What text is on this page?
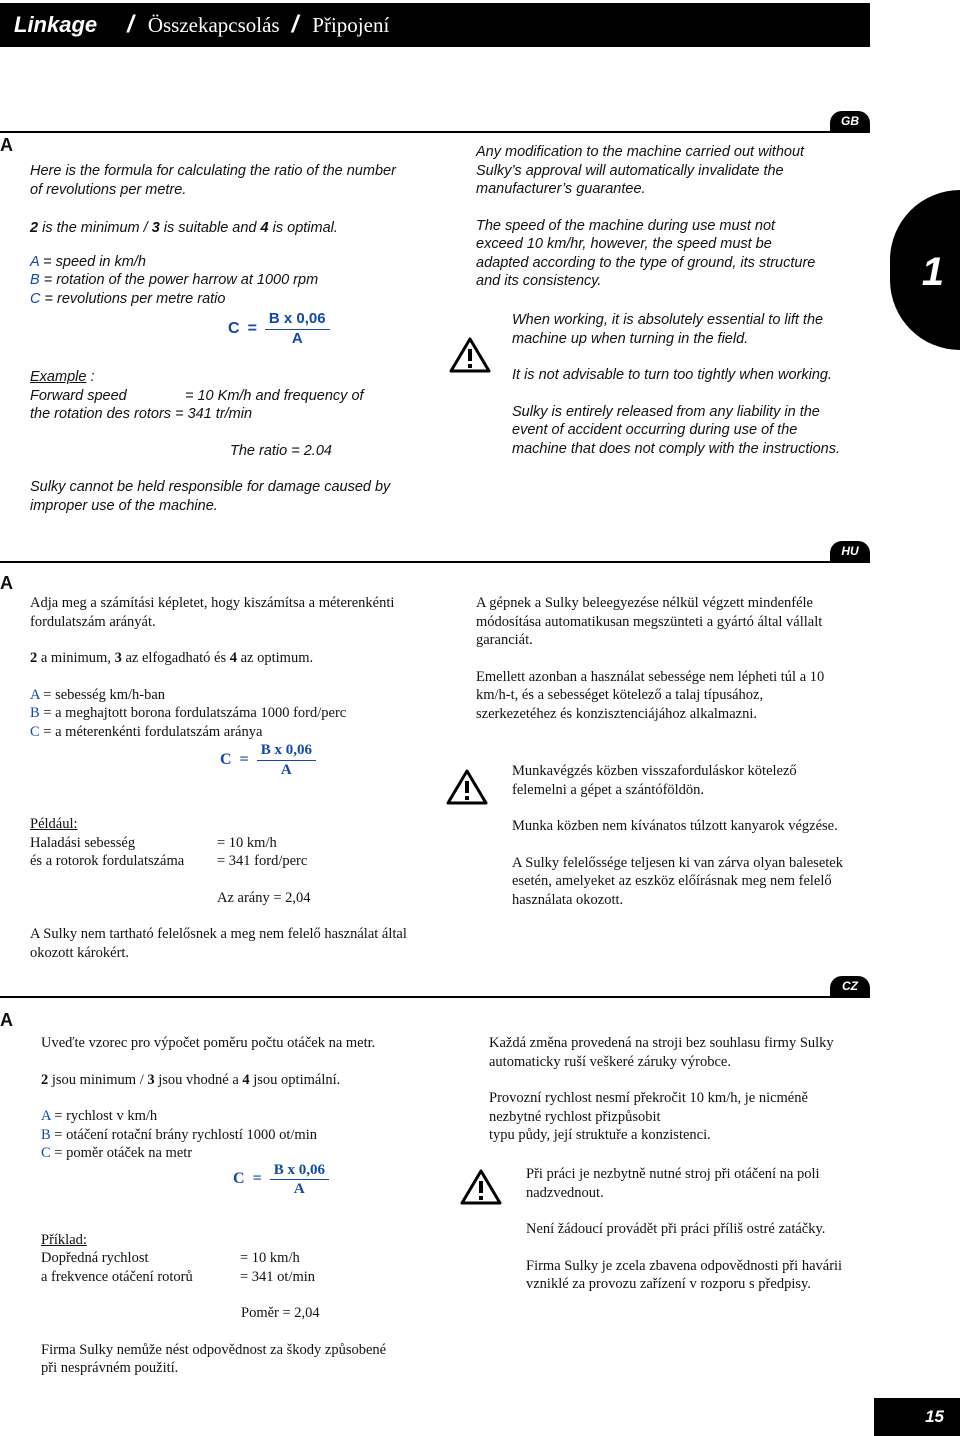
Linkage / Összekapcsolás / Připojení
1
GB
A

Here is the formula for calculating the ratio of the number of revolutions per metre.

2 is the minimum / 3 is suitable and 4 is optimal.

A = speed in km/h
B = rotation of the power harrow at 1000 rpm
C = revolutions per metre ratio
$C = \frac{\text{B x 0,06}}{A}$

Example :

Forward speed	= 10 Km/h and frequency of
the rotation des rotors = 341 tr/min

The ratio = 2.04

Sulky cannot be held responsible for damage caused by improper use of the machine.

Any modification to the machine carried out without Sulky’s approval will automatically invalidate the manufacturer’s guarantee.

The speed of the machine during use must not exceed 10 km/hr, however, the speed must be adapted according to the type of ground, its structure and its consistency.

When working, it is absolutely essential to lift the machine up when turning in the field.

It is not advisable to turn too tightly when working.

Sulky is entirely released from any liability in the event of accident occurring during use of the machine that does not comply with the instructions.

HU
A

Adja meg a számítási képletet, hogy kiszámítsa a méterenkénti fordulatszám arányát.

2 a minimum, 3 az elfogadható és 4 az optimum.

A = sebesség km/h-ban
B = a meghajtott borona fordulatszáma 1000 ford/perc
C = a méterenkénti fordulatszám aránya
$C = \frac{\text{B x 0,06}}{A}$

Például:

Haladási sebesség	= 10 km/h
és a rotorok fordulatszáma	= 341 ford/perc

Az arány = 2,04

A Sulky nem tartható felelősnek a meg nem felelő használat által okozott károkért.

A gépnek a Sulky beleegyezése nélkül végzett mindenféle módosítása automatikusan megszünteti a gyártó által vállalt garanciát.

Emellett azonban a használat sebessége nem lépheti túl a 10 km/h-t, és a sebességet kötelező a talaj típusához, szerkezetéhez és konzisztenciájához alkalmazni.

Munkavégzés közben visszaforduláskor kötelező felemelni a gépet a szántóföldön.

Munka közben nem kívánatos túlzott kanyarok végzése.

A Sulky felelőssége teljesen ki van zárva olyan balesetek esetén, amelyeket az eszköz előírásnak meg nem felelő használata okozott.

CZ
A

Uveďte vzorec pro výpočet poměru počtu otáček na metr.

2 jsou minimum / 3 jsou vhodné a 4 jsou optimální.

A = rychlost v km/h
B = otáčení rotační brány rychlostí 1000 ot/min
C = poměr otáček na metr
$C = \frac{\text{B x 0,06}}{A}$

Příklad:

Dopředná rychlost	= 10 km/h
a frekvence otáčení rotorů	= 341 ot/min

Poměr = 2,04

Firma Sulky nemůže nést odpovědnost za škody způsobené při nesprávném použití.

Každá změna provedená na stroji bez souhlasu firmy Sulky automaticky ruší veškeré záruky výrobce.

Provozní rychlost nesmí překročit 10 km/h, je nicméně nezbytné rychlost přizpůsobit

typu půdy, její struktuře a konzistenci.

Při práci je nezbytně nutné stroj při otáčení na poli nadzvednout.

Není žádoucí provádět při práci příliš ostré zatáčky.

Firma Sulky je zcela zbavena odpovědnosti při havárii vzniklé za provozu zařízení v rozporu s předpisy.

15
